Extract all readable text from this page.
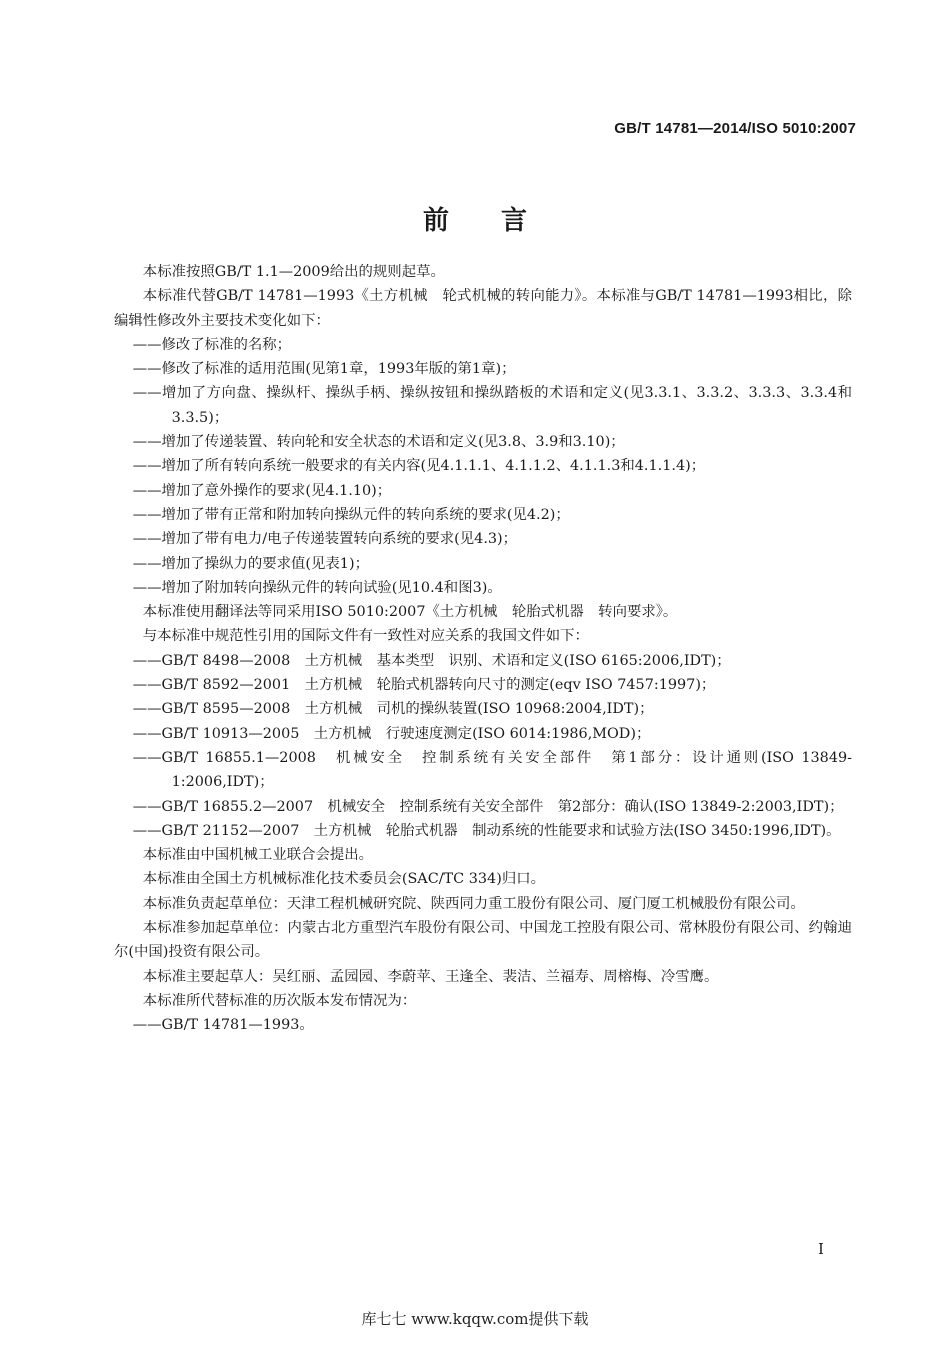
GB/T 14781—2014/ISO 5010:2007
前言

本标准按照GB/T 1.1—2009给出的规则起草。

本标准代替GB/T 14781—1993《土方机械　轮式机械的转向能力》。本标准与GB/T 14781—1993相比，除编辑性修改外主要技术变化如下：

——修改了标准的名称；

——修改了标准的适用范围(见第1章，1993年版的第1章)；

——增加了方向盘、操纵杆、操纵手柄、操纵按钮和操纵踏板的术语和定义(见3.3.1、3.3.2、3.3.3、3.3.4和3.3.5)；

——增加了传递装置、转向轮和安全状态的术语和定义(见3.8、3.9和3.10)；

——增加了所有转向系统一般要求的有关内容(见4.1.1.1、4.1.1.2、4.1.1.3和4.1.1.4)；

——增加了意外操作的要求(见4.1.10)；

——增加了带有正常和附加转向操纵元件的转向系统的要求(见4.2)；

——增加了带有电力/电子传递装置转向系统的要求(见4.3)；

——增加了操纵力的要求值(见表1)；

——增加了附加转向操纵元件的转向试验(见10.4和图3)。

本标准使用翻译法等同采用ISO 5010:2007《土方机械　轮胎式机器　转向要求》。

与本标准中规范性引用的国际文件有一致性对应关系的我国文件如下：

——GB/T 8498—2008　土方机械　基本类型　识别、术语和定义(ISO 6165:2006,IDT)；

——GB/T 8592—2001　土方机械　轮胎式机器转向尺寸的测定(eqv ISO 7457:1997)；

——GB/T 8595—2008　土方机械　司机的操纵装置(ISO 10968:2004,IDT)；

——GB/T 10913—2005　土方机械　行驶速度测定(ISO 6014:1986,MOD)；

——GB/T 16855.1—2008　机械安全　控制系统有关安全部件　第1部分：设计通则(ISO 13849-1:2006,IDT)；

——GB/T 16855.2—2007　机械安全　控制系统有关安全部件　第2部分：确认(ISO 13849-2:2003,IDT)；

——GB/T 21152—2007　土方机械　轮胎式机器　制动系统的性能要求和试验方法(ISO 3450:1996,IDT)。

本标准由中国机械工业联合会提出。

本标准由全国土方机械标准化技术委员会(SAC/TC 334)归口。

本标准负责起草单位：天津工程机械研究院、陕西同力重工股份有限公司、厦门厦工机械股份有限公司。

本标准参加起草单位：内蒙古北方重型汽车股份有限公司、中国龙工控股有限公司、常林股份有限公司、约翰迪尔(中国)投资有限公司。

本标准主要起草人：吴红丽、孟园园、李蔚苹、王逢全、裴洁、兰福寿、周榕梅、冷雪鹰。

本标准所代替标准的历次版本发布情况为：

——GB/T 14781—1993。

I
库七七 www.kqqw.com提供下载
